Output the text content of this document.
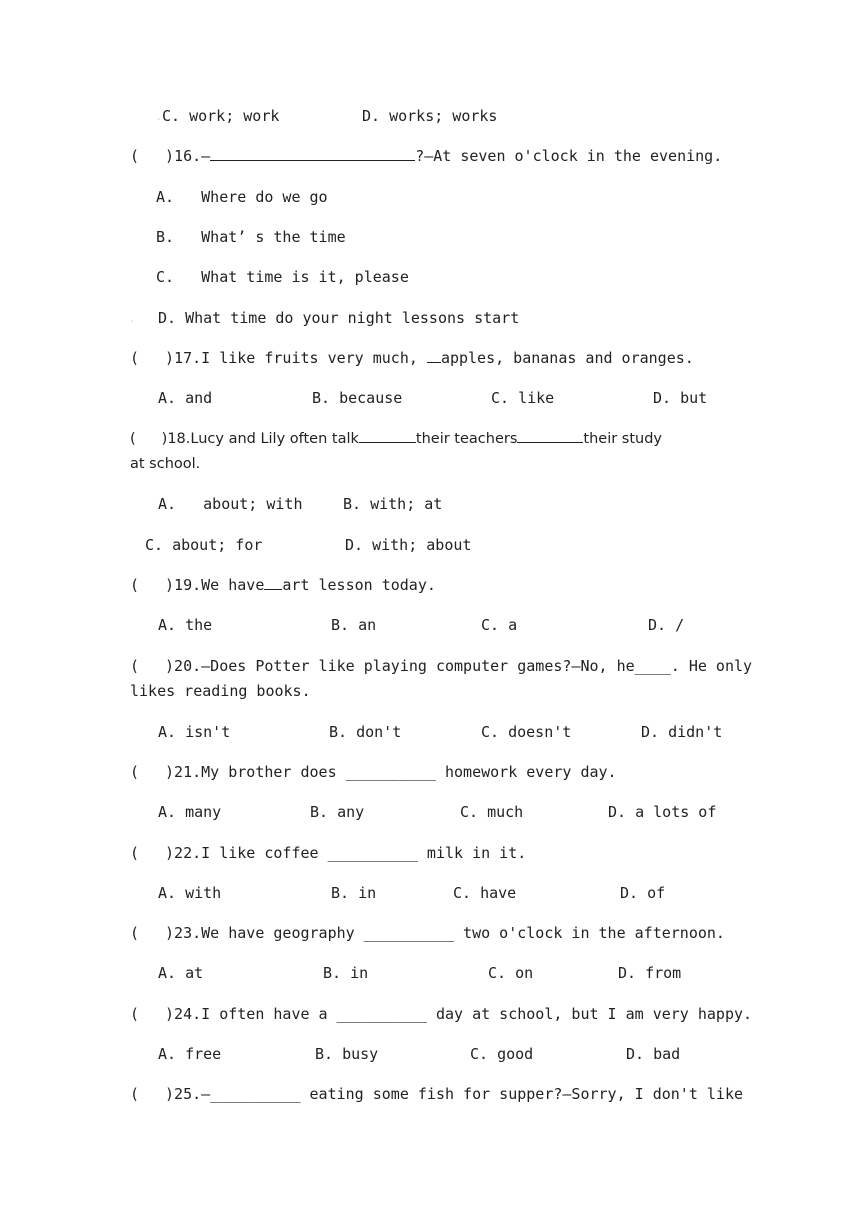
·
·
C. work; work	D. works; works
( )16.—	?—At seven o'clock in the evening.
A.   Where do we go
B.   What’ s the time
C.   What time is it, please
D. What time do your night lessons start
( )17.I like fruits very much, apples, bananas and oranges.
A. and	B. because	C. like	D. but
( )18.Lucy and Lily often talk	their teachers	their study
at school.
A.   about; with	B. with; at
C. about; for	D. with; about
( )19.We have art lesson today.
A. the	B. an	C. a	D. /
( )20.—Does Potter like playing computer games?—No, he____. He only
likes reading books.
A. isn't	B. don't	C. doesn't	D. didn't
( )21.My brother does __________ homework every day.
A. many	B. any	C. much	D. a lots of
( )22.I like coffee __________ milk in it.
A. with	B. in	C. have	D. of
( )23.We have geography __________ two o'clock in the afternoon.
A. at	B. in	C. on	D. from
( )24.I often have a __________ day at school, but I am very happy.
A. free	B. busy	C. good	D. bad
( )25.—__________ eating some fish for supper?—Sorry, I don't like
